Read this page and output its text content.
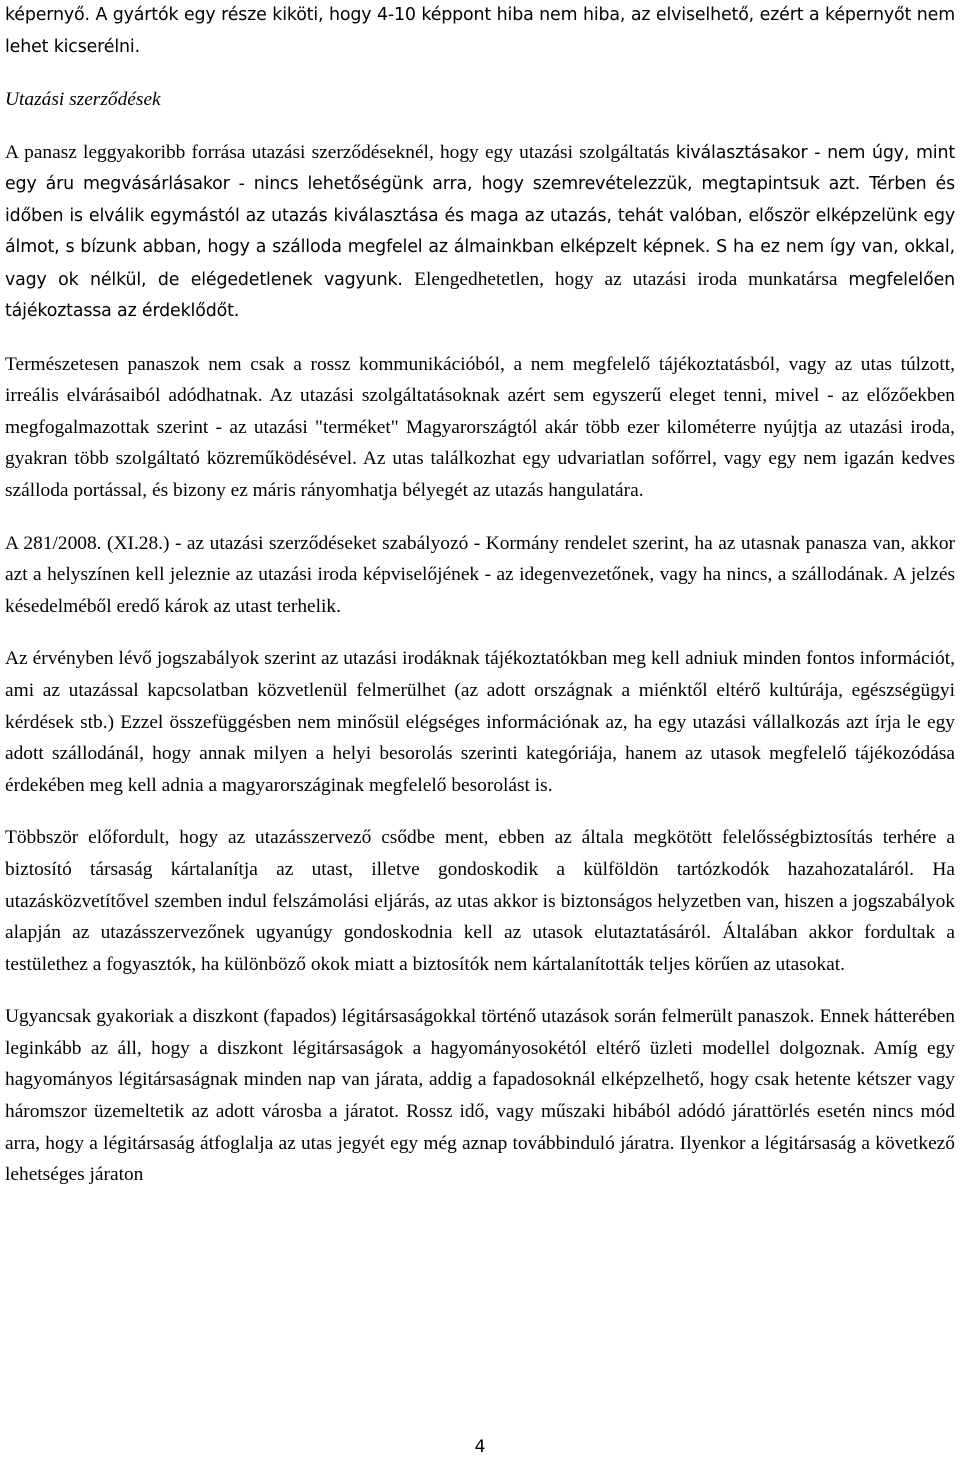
képernyő. A gyártók egy része kiköti, hogy 4-10 képpont hiba nem hiba, az elviselhető, ezért a képernyőt nem lehet kicserélni.

Utazási szerződések

A panasz leggyakoribb forrása utazási szerződéseknél, hogy egy utazási szolgáltatás kiválasztásakor - nem úgy, mint egy áru megvásárlásakor - nincs lehetőségünk arra, hogy szemrevételezzük, megtapintsuk azt. Térben és időben is elválik egymástól az utazás kiválasztása és maga az utazás, tehát valóban, először elképzelünk egy álmot, s bízunk abban, hogy a szálloda megfelel az álmainkban elképzelt képnek. S ha ez nem így van, okkal, vagy ok nélkül, de elégedetlenek vagyunk. Elengedhetetlen, hogy az utazási iroda munkatársa megfelelően tájékoztassa az érdeklődőt.

Természetesen panaszok nem csak a rossz kommunikációból, a nem megfelelő tájékoztatásból, vagy az utas túlzott, irreális elvárásaiból adódhatnak. Az utazási szolgáltatásoknak azért sem egyszerű eleget tenni, mivel - az előzőekben megfogalmazottak szerint - az utazási "terméket" Magyarországtól akár több ezer kilométerre nyújtja az utazási iroda, gyakran több szolgáltató közreműködésével. Az utas találkozhat egy udvariatlan sofőrrel, vagy egy nem igazán kedves szálloda portással, és bizony ez máris rányomhatja bélyegét az utazás hangulatára.

A 281/2008. (XI.28.) - az utazási szerződéseket szabályozó - Kormány rendelet szerint, ha az utasnak panasza van, akkor azt a helyszínen kell jeleznie az utazási iroda képviselőjének - az idegenvezetőnek, vagy ha nincs, a szállodának. A jelzés késedelméből eredő károk az utast terhelik.

Az érvényben lévő jogszabályok szerint az utazási irodáknak tájékoztatókban meg kell adniuk minden fontos információt, ami az utazással kapcsolatban közvetlenül felmerülhet (az adott országnak a miénktől eltérő kultúrája, egészségügyi kérdések stb.) Ezzel összefüggésben nem minősül elégséges információnak az, ha egy utazási vállalkozás azt írja le egy adott szállodánál, hogy annak milyen a helyi besorolás szerinti kategóriája, hanem az utasok megfelelő tájékozódása érdekében meg kell adnia a magyarországinak megfelelő besorolást is.

Többször előfordult, hogy az utazásszervező csődbe ment, ebben az általa megkötött felelősségbiztosítás terhére a biztosító társaság kártalanítja az utast, illetve gondoskodik a külföldön tartózkodók hazahozataláról. Ha utazásközvetítővel szemben indul felszámolási eljárás, az utas akkor is biztonságos helyzetben van, hiszen a jogszabályok alapján az utazásszervezőnek ugyanúgy gondoskodnia kell az utasok elutaztatásáról. Általában akkor fordultak a testülethez a fogyasztók, ha különböző okok miatt a biztosítók nem kártalanították teljes körűen az utasokat.

Ugyancsak gyakoriak a diszkont (fapados) légitársaságokkal történő utazások során felmerült panaszok. Ennek hátterében leginkább az áll, hogy a diszkont légitársaságok a hagyományosokétól eltérő üzleti modellel dolgoznak. Amíg egy hagyományos légitársaságnak minden nap van járata, addig a fapadosoknál elképzelhető, hogy csak hetente kétszer vagy háromszor üzemeltetik az adott városba a járatot. Rossz idő, vagy műszaki hibából adódó járattörlés esetén nincs mód arra, hogy a légitársaság átfoglalja az utas jegyét egy még aznap továbbinduló járatra. Ilyenkor a légitársaság a következő lehetséges járaton

4
